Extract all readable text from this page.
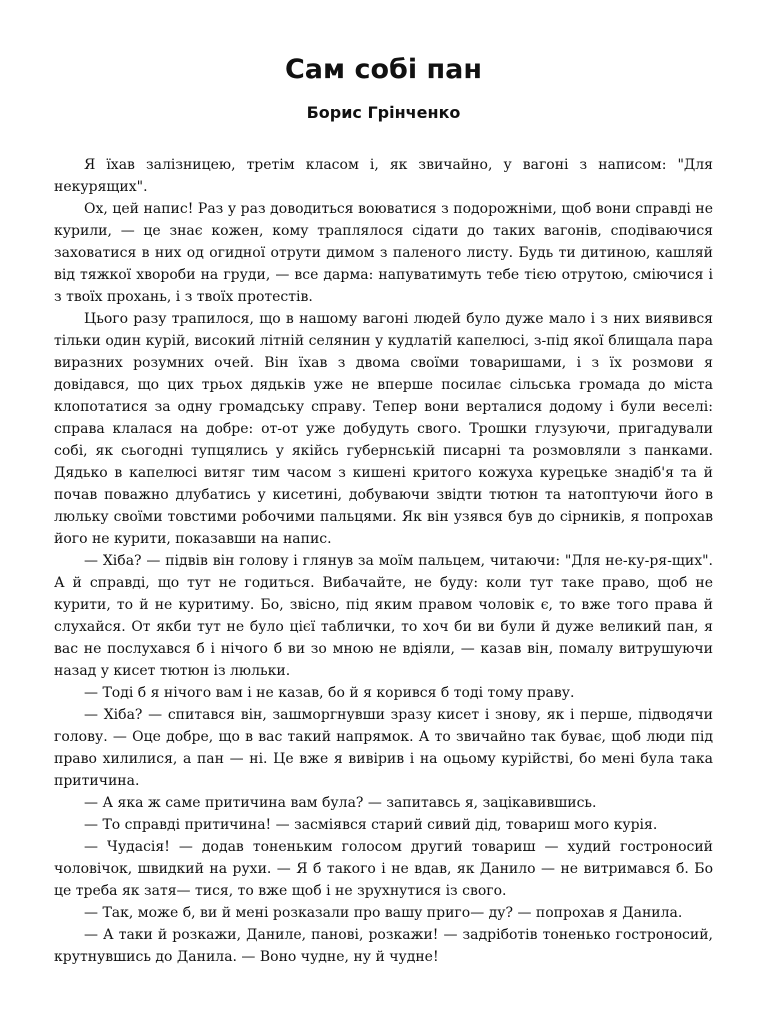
Сам собі пан
Борис Грінченко

Я їхав залізницею, третім класом і, як звичайно, у вагоні з написом: "Для некурящих".

Ох, цей напис! Раз у раз доводиться воюватися з подорожніми, щоб вони справді не курили, — це знає кожен, кому траплялося сідати до таких вагонів, сподіваючися заховатися в них од огидної отрути димом з паленого листу. Будь ти дитиною, кашляй від тяжкої хвороби на груди, — все дарма: напуватимуть тебе тією отрутою, сміючися і з твоїх прохань, і з твоїх протестів.

Цього разу трапилося, що в нашому вагоні людей було дуже мало і з них виявився тільки один курій, високий літній селянин у кудлатій капелюсі, з-під якої блищала пара виразних розумних очей. Він їхав з двома своїми товаришами, і з їх розмови я довідався, що цих трьох дядьків уже не вперше посилає сільська громада до міста клопотатися за одну громадську справу. Тепер вони верталися додому і були веселі: справа клалася на добре: от-от уже добудуть свого. Трошки глузуючи, пригадували собі, як сьогодні тупцялись у якійсь губернській писарні та розмовляли з панками. Дядько в капелюсі витяг тим часом з кишені критого кожуха курецьке знадіб'я та й почав поважно длубатись у кисетині, добуваючи звідти тютюн та натоптуючи його в люльку своїми товстими робочими пальцями. Як він узявся був до сірників, я попрохав його не курити, показавши на напис.

— Хіба? — підвів він голову і глянув за моїм пальцем, читаючи: "Для не-ку-ря-щих". А й справді, що тут не годиться. Вибачайте, не буду: коли тут таке право, щоб не курити, то й не куритиму. Бо, звісно, під яким правом чоловік є, то вже того права й слухайся. От якби тут не було цієї таблички, то хоч би ви були й дуже великий пан, я вас не послухався б і нічого б ви зо мною не вдіяли, — казав він, помалу витрушуючи назад у кисет тютюн із люльки.

— Тоді б я нічого вам і не казав, бо й я корився б тоді тому праву.

— Хіба? — спитався він, зашморгнувши зразу кисет і знову, як і перше, підводячи голову. — Оце добре, що в вас такий напрямок. А то звичайно так буває, щоб люди під право хилилися, а пан — ні. Це вже я вивірив і на оцьому курійстві, бо мені була така притичина.

— А яка ж саме притичина вам була? — запитавсь я, зацікавившись.

— То справді притичина! — засміявся старий сивий дід, товариш мого курія.

— Чудасія! — додав тоненьким голосом другий товариш — худий гостроносий чоловічок, швидкий на рухи. — Я б такого і не вдав, як Данило — не витримався б. Бо це треба як затя— тися, то вже щоб і не зрухнутися із свого.

— Так, може б, ви й мені розказали про вашу приго— ду? — попрохав я Данила.

— А таки й розкажи, Даниле, панові, розкажи! — задріботів тоненько гостроносий, крутнувшись до Данила. — Воно чудне, ну й чудне!
